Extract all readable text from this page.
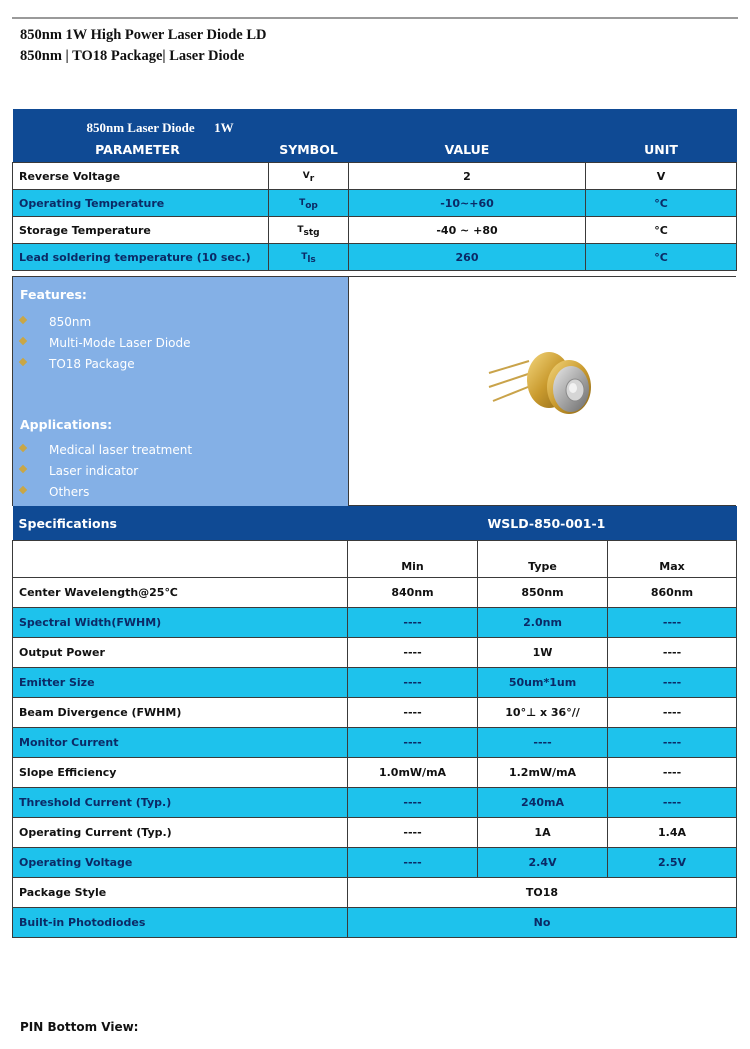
850nm 1W High Power Laser Diode LD
850nm | TO18 Package| Laser Diode
850nm Laser Diode      1W			
PARAMETER	SYMBOL	VALUE	UNIT
Reverse Voltage	$V_r$	2	V
Operating Temperature	$T_{op}$	-10~+60	°C
Storage Temperature	$T_{stg}$	-40 ~ +80	°C
Lead soldering temperature (10 sec.)	$T_{ls}$	260	°C
Features:
850nm
Multi-Mode Laser Diode
TO18 Package
Applications:
Medical laser treatment
Laser indicator
Others
Specifications		WSLD-850-001-1	
	Min	Type	Max
Center Wavelength@25℃	840nm	850nm	860nm
Spectral Width(FWHM)	----	2.0nm	----
Output Power	----	1W	----
Emitter Size	----	50um*1um	----
Beam Divergence (FWHM)	----	10°⊥ x 36°//	----
Monitor Current	----	----	----
Slope Efficiency	1.0mW/mA	1.2mW/mA	----
Threshold Current (Typ.)	----	240mA	----
Operating Current (Typ.)	----	1A	1.4A
Operating Voltage	----	2.4V	2.5V
Package Style	TO18		
Built-in Photodiodes	No		
PIN Bottom View:
